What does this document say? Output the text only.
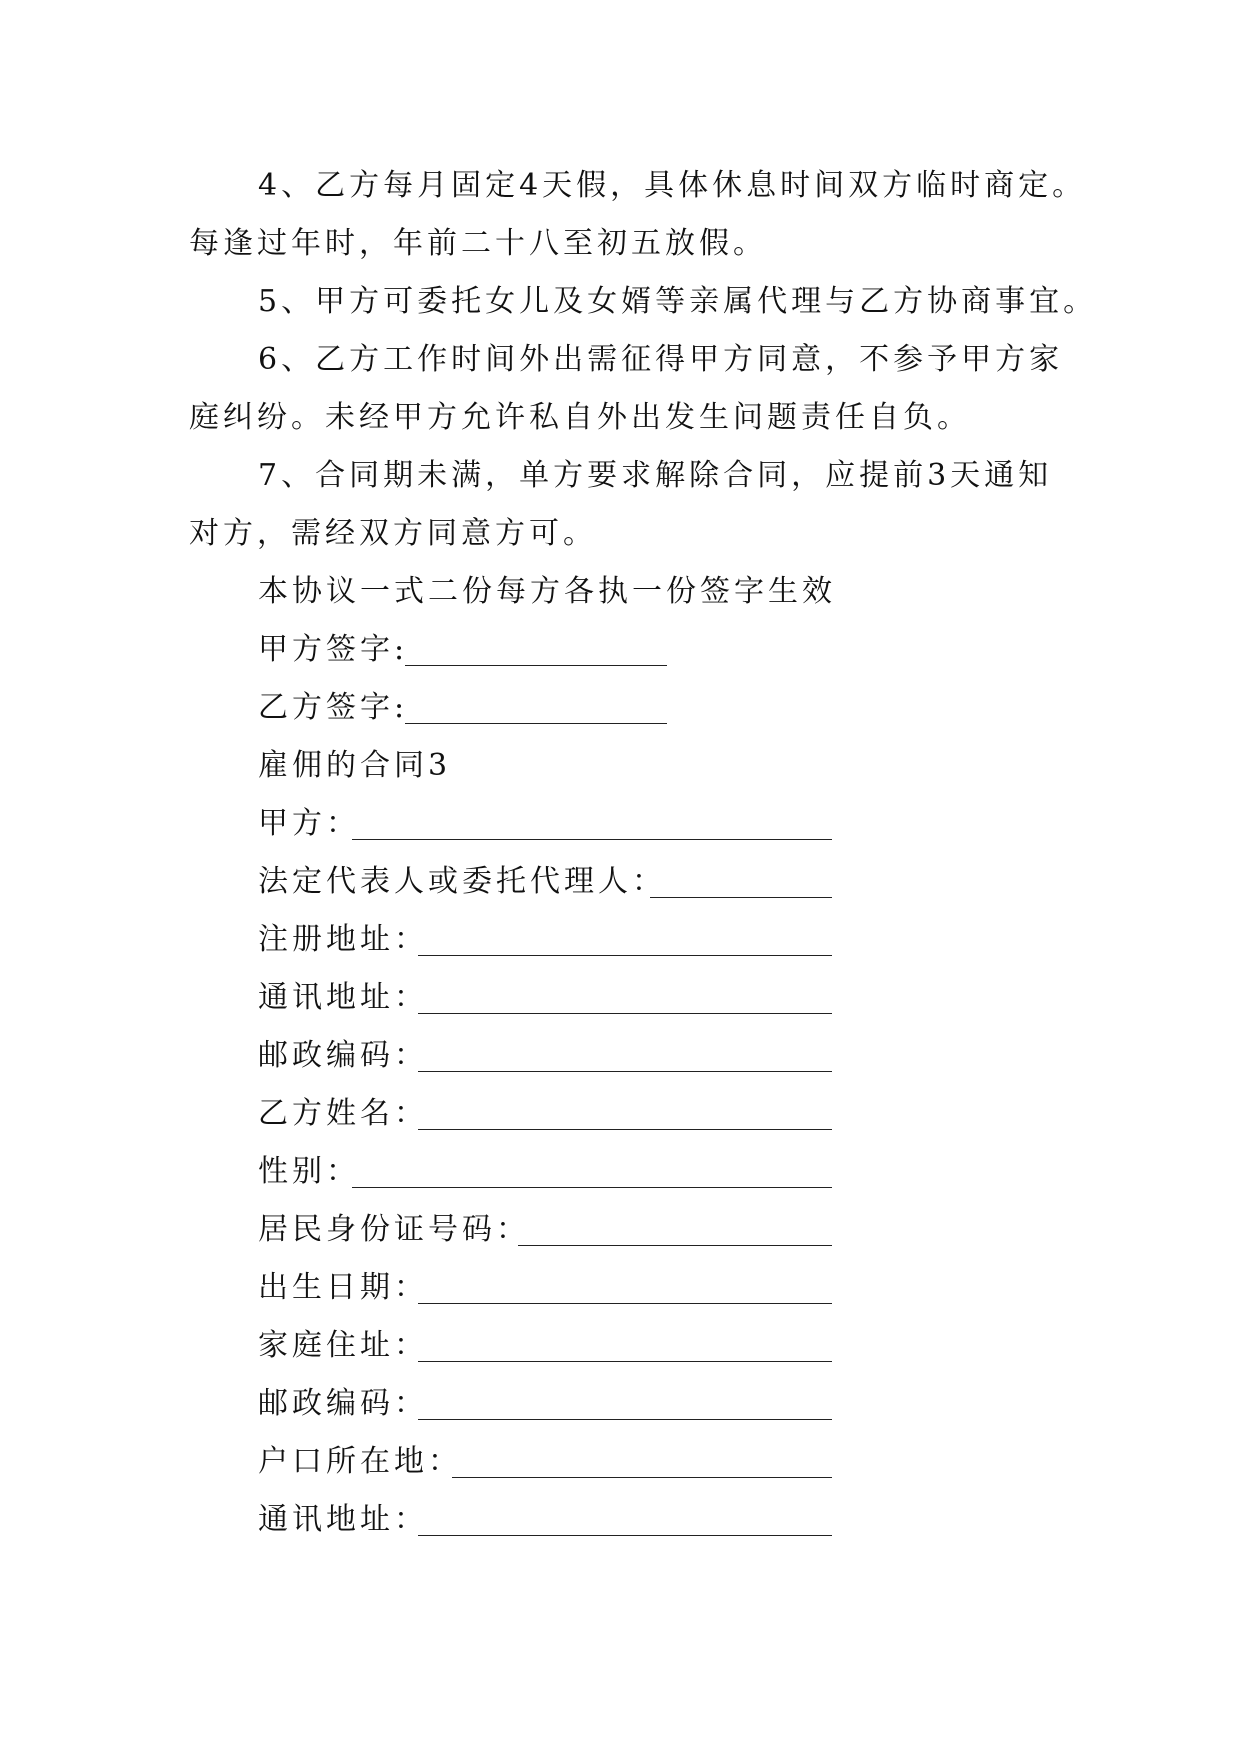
4、乙方每月固定4天假，具体休息时间双方临时商定。
每逢过年时，年前二十八至初五放假。
5、甲方可委托女儿及女婿等亲属代理与乙方协商事宜。
6、乙方工作时间外出需征得甲方同意，不参予甲方家
庭纠纷。未经甲方允许私自外出发生问题责任自负。
7、合同期未满，单方要求解除合同，应提前3天通知
对方，需经双方同意方可。
本协议一式二份每方各执一份签字生效
甲方签字:
乙方签字:
雇佣的合同3
甲方：
法定代表人或委托代理人：
注册地址：
通讯地址：
邮政编码：
乙方姓名：
性别：
居民身份证号码：
出生日期：
家庭住址：
邮政编码：
户口所在地：
通讯地址：
